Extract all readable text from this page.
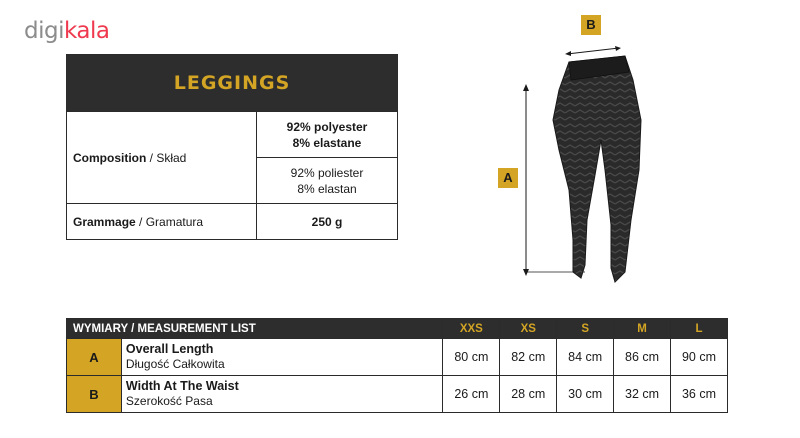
digikala
LEGGINGS	
Composition / Skład	92% polyester
8% elastane

	92% poliester
8% elastan

Grammage / Gramatura	250 g
B
A
WYMIARY / MEASUREMENT LIST		XXS	XS	S	M	L
A	Overall Length
Długość Całkowita	80 cm	82 cm	84 cm	86 cm	90 cm
B	Width At The Waist
Szerokość Pasa	26 cm	28 cm	30 cm	32 cm	36 cm
